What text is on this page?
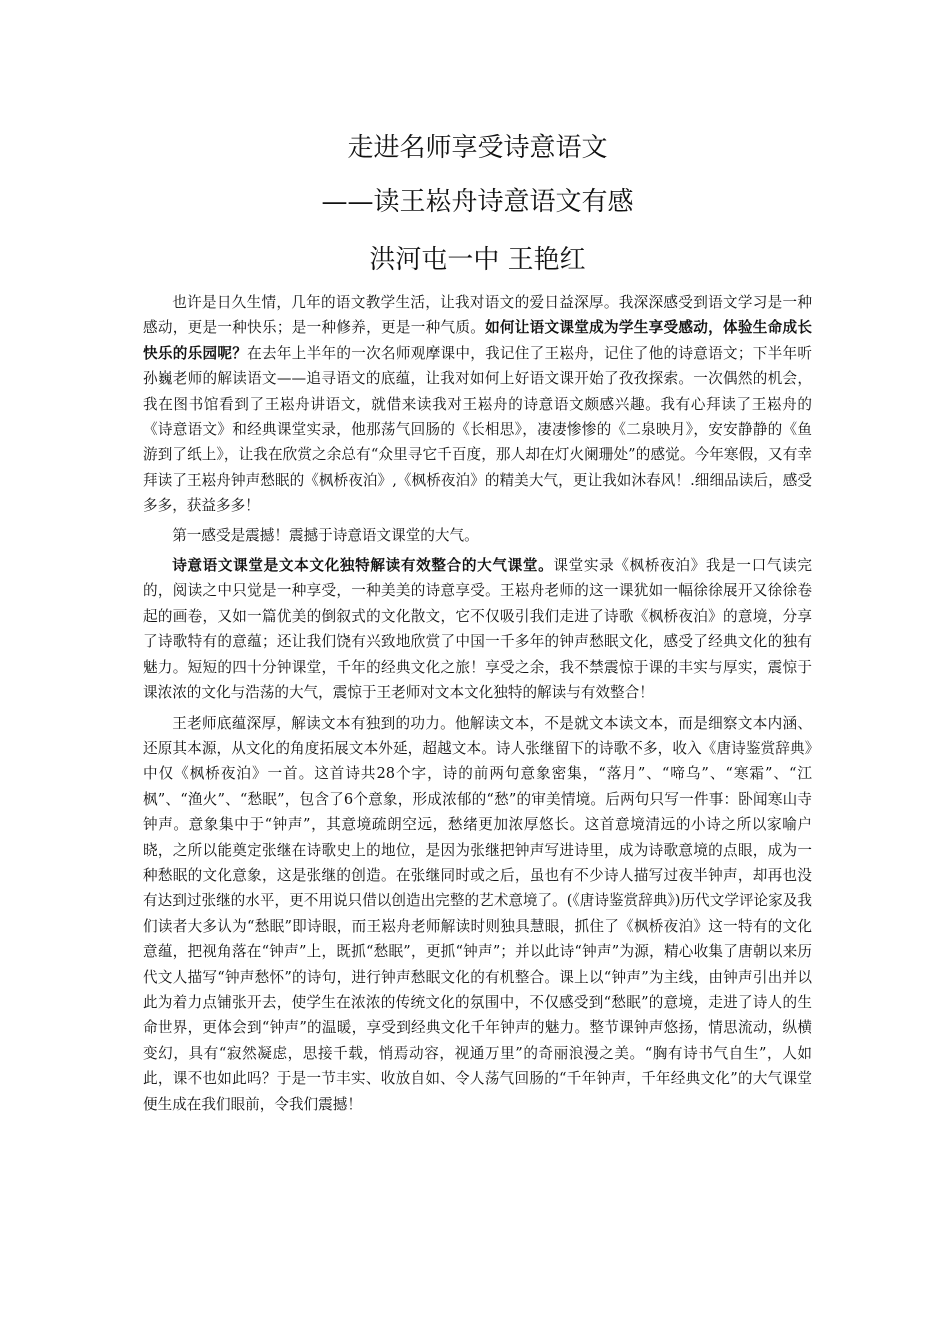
走进名师享受诗意语文
——读王崧舟诗意语文有感
洪河屯一中 王艳红

也许是日久生情，几年的语文教学生活，让我对语文的爱日益深厚。我深深感受到语文学习是一种感动，更是一种快乐；是一种修养，更是一种气质。如何让语文课堂成为学生享受感动，体验生命成长快乐的乐园呢？在去年上半年的一次名师观摩课中，我记住了王崧舟，记住了他的诗意语文；下半年听孙巍老师的解读语文——追寻语文的底蕴，让我对如何上好语文课开始了孜孜探索。一次偶然的机会，我在图书馆看到了王崧舟讲语文，就借来读我对王崧舟的诗意语文颇感兴趣。我有心拜读了王崧舟的《诗意语文》和经典课堂实录，他那荡气回肠的《长相思》，凄凄惨惨的《二泉映月》，安安静静的《鱼游到了纸上》，让我在欣赏之余总有“众里寻它千百度，那人却在灯火阑珊处”的感觉。今年寒假，又有幸拜读了王崧舟钟声愁眠的《枫桥夜泊》,《枫桥夜泊》的精美大气，更让我如沐春风！.细细品读后，感受多多，获益多多！

第一感受是震撼！震撼于诗意语文课堂的大气。

诗意语文课堂是文本文化独特解读有效整合的大气课堂。课堂实录《枫桥夜泊》我是一口气读完的，阅读之中只觉是一种享受，一种美美的诗意享受。王崧舟老师的这一课犹如一幅徐徐展开又徐徐卷起的画卷，又如一篇优美的倒叙式的文化散文，它不仅吸引我们走进了诗歌《枫桥夜泊》的意境，分享了诗歌特有的意蕴；还让我们饶有兴致地欣赏了中国一千多年的钟声愁眠文化，感受了经典文化的独有魅力。短短的四十分钟课堂，千年的经典文化之旅！享受之余，我不禁震惊于课的丰实与厚实，震惊于课浓浓的文化与浩荡的大气，震惊于王老师对文本文化独特的解读与有效整合！

王老师底蕴深厚，解读文本有独到的功力。他解读文本，不是就文本读文本，而是细察文本内涵、还原其本源，从文化的角度拓展文本外延，超越文本。诗人张继留下的诗歌不多，收入《唐诗鉴赏辞典》中仅《枫桥夜泊》一首。这首诗共28个字，诗的前两句意象密集，“落月”、“啼乌”、“寒霜”、“江枫”、“渔火”、“愁眠”，包含了6个意象，形成浓郁的“愁”的审美情境。后两句只写一件事：卧闻寒山寺钟声。意象集中于“钟声”，其意境疏朗空远，愁绪更加浓厚悠长。这首意境清远的小诗之所以家喻户晓，之所以能奠定张继在诗歌史上的地位，是因为张继把钟声写进诗里，成为诗歌意境的点眼，成为一种愁眠的文化意象，这是张继的创造。在张继同时或之后，虽也有不少诗人描写过夜半钟声，却再也没有达到过张继的水平，更不用说只借以创造出完整的艺术意境了。(《唐诗鉴赏辞典》)历代文学评论家及我们读者大多认为“愁眠”即诗眼，而王崧舟老师解读时则独具慧眼，抓住了《枫桥夜泊》这一特有的文化意蕴，把视角落在“钟声”上，既抓“愁眠”，更抓“钟声”；并以此诗“钟声”为源，精心收集了唐朝以来历代文人描写“钟声愁怀”的诗句，进行钟声愁眠文化的有机整合。课上以“钟声”为主线，由钟声引出并以此为着力点铺张开去，使学生在浓浓的传统文化的氛围中，不仅感受到“愁眠”的意境，走进了诗人的生命世界，更体会到“钟声”的温暖，享受到经典文化千年钟声的魅力。整节课钟声悠扬，情思流动，纵横变幻，具有“寂然凝虑，思接千载，悄焉动容，视通万里”的奇丽浪漫之美。“胸有诗书气自生”，人如此，课不也如此吗？于是一节丰实、收放自如、令人荡气回肠的“千年钟声，千年经典文化”的大气课堂便生成在我们眼前，令我们震撼！
